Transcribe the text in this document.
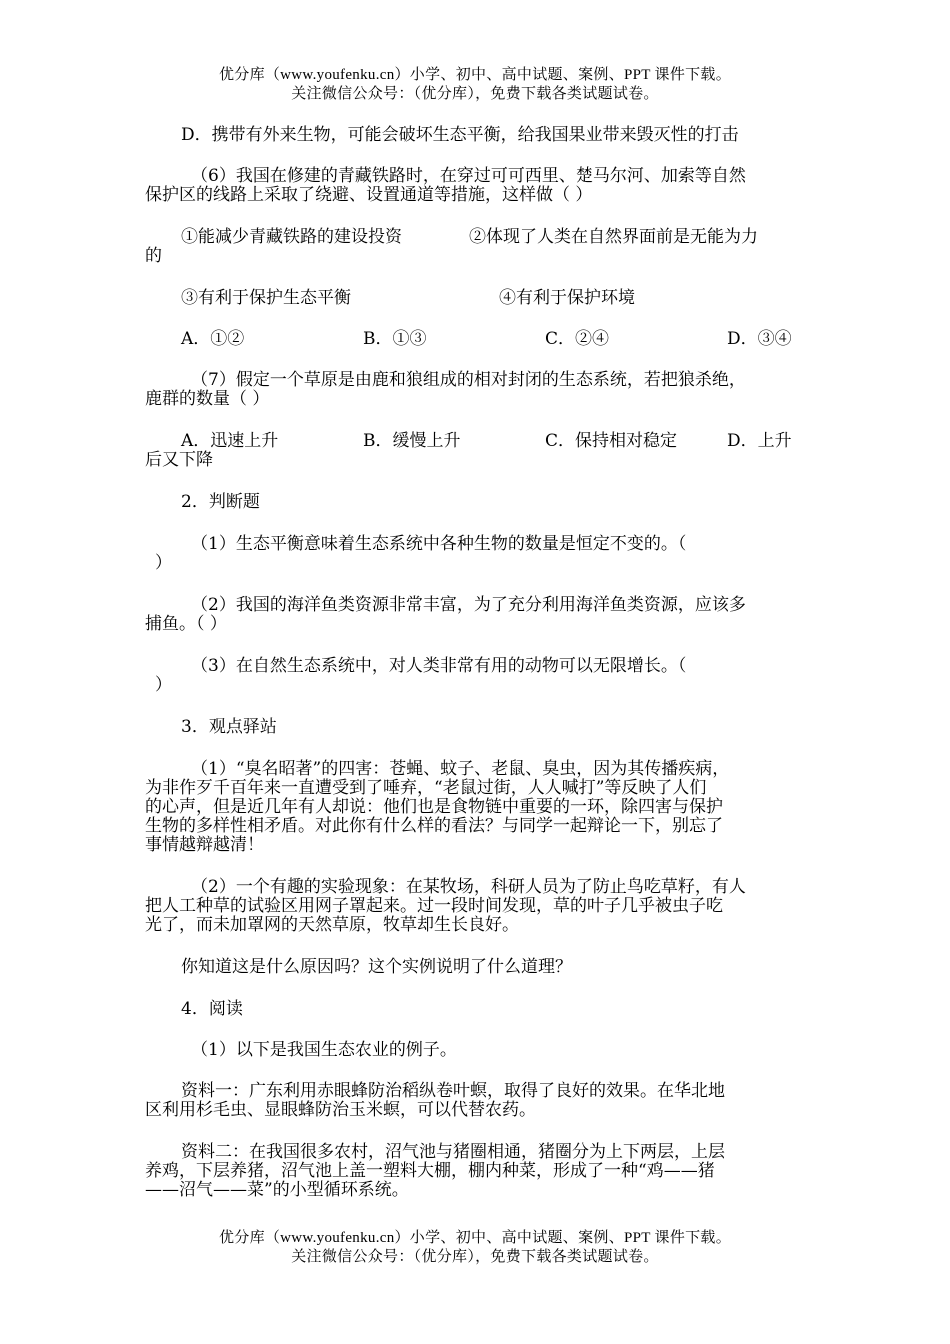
优分库（www.youfenku.cn）小学、初中、高中试题、案例、PPT 课件下载。
关注微信公众号：（优分库），免费下载各类试题试卷。
D．携带有外来生物，可能会破坏生态平衡，给我国果业带来毁灭性的打击
（6）我国在修建的青藏铁路时，在穿过可可西里、楚马尔河、加索等自然
保护区的线路上采取了绕避、设置通道等措施，这样做（ ）
①能减少青藏铁路的建设投资	②体现了人类在自然界面前是无能为力
的
③有利于保护生态平衡	④有利于保护环境
A．①②	B．①③	C．②④	D．③④
（7）假定一个草原是由鹿和狼组成的相对封闭的生态系统，若把狼杀绝，
鹿群的数量（ ）
A．迅速上升	B．缓慢上升	C．保持相对稳定	D．上升
后又下降
2．判断题
（1）生态平衡意味着生态系统中各种生物的数量是恒定不变的。（
）
（2）我国的海洋鱼类资源非常丰富，为了充分利用海洋鱼类资源，应该多
捕鱼。（ ）
（3）在自然生态系统中，对人类非常有用的动物可以无限增长。（
）
3．观点驿站
（1）“臭名昭著”的四害：苍蝇、蚊子、老鼠、臭虫，因为其传播疾病，
为非作歹千百年来一直遭受到了唾弃，“老鼠过街，人人喊打”等反映了人们
的心声，但是近几年有人却说：他们也是食物链中重要的一环，除四害与保护
生物的多样性相矛盾。对此你有什么样的看法？与同学一起辩论一下，别忘了
事情越辩越清！
（2）一个有趣的实验现象：在某牧场，科研人员为了防止鸟吃草籽，有人
把人工种草的试验区用网子罩起来。过一段时间发现，草的叶子几乎被虫子吃
光了，而未加罩网的天然草原，牧草却生长良好。
你知道这是什么原因吗？这个实例说明了什么道理？
4．阅读
（1）以下是我国生态农业的例子。
资料一：广东利用赤眼蜂防治稻纵卷叶螟，取得了良好的效果。在华北地
区利用杉毛虫、显眼蜂防治玉米螟，可以代替农药。
资料二：在我国很多农村，沼气池与猪圈相通，猪圈分为上下两层，上层
养鸡，下层养猪，沼气池上盖一塑料大棚，棚内种菜，形成了一种“鸡——猪
——沼气——菜”的小型循环系统。
优分库（www.youfenku.cn）小学、初中、高中试题、案例、PPT 课件下载。
关注微信公众号：（优分库），免费下载各类试题试卷。
